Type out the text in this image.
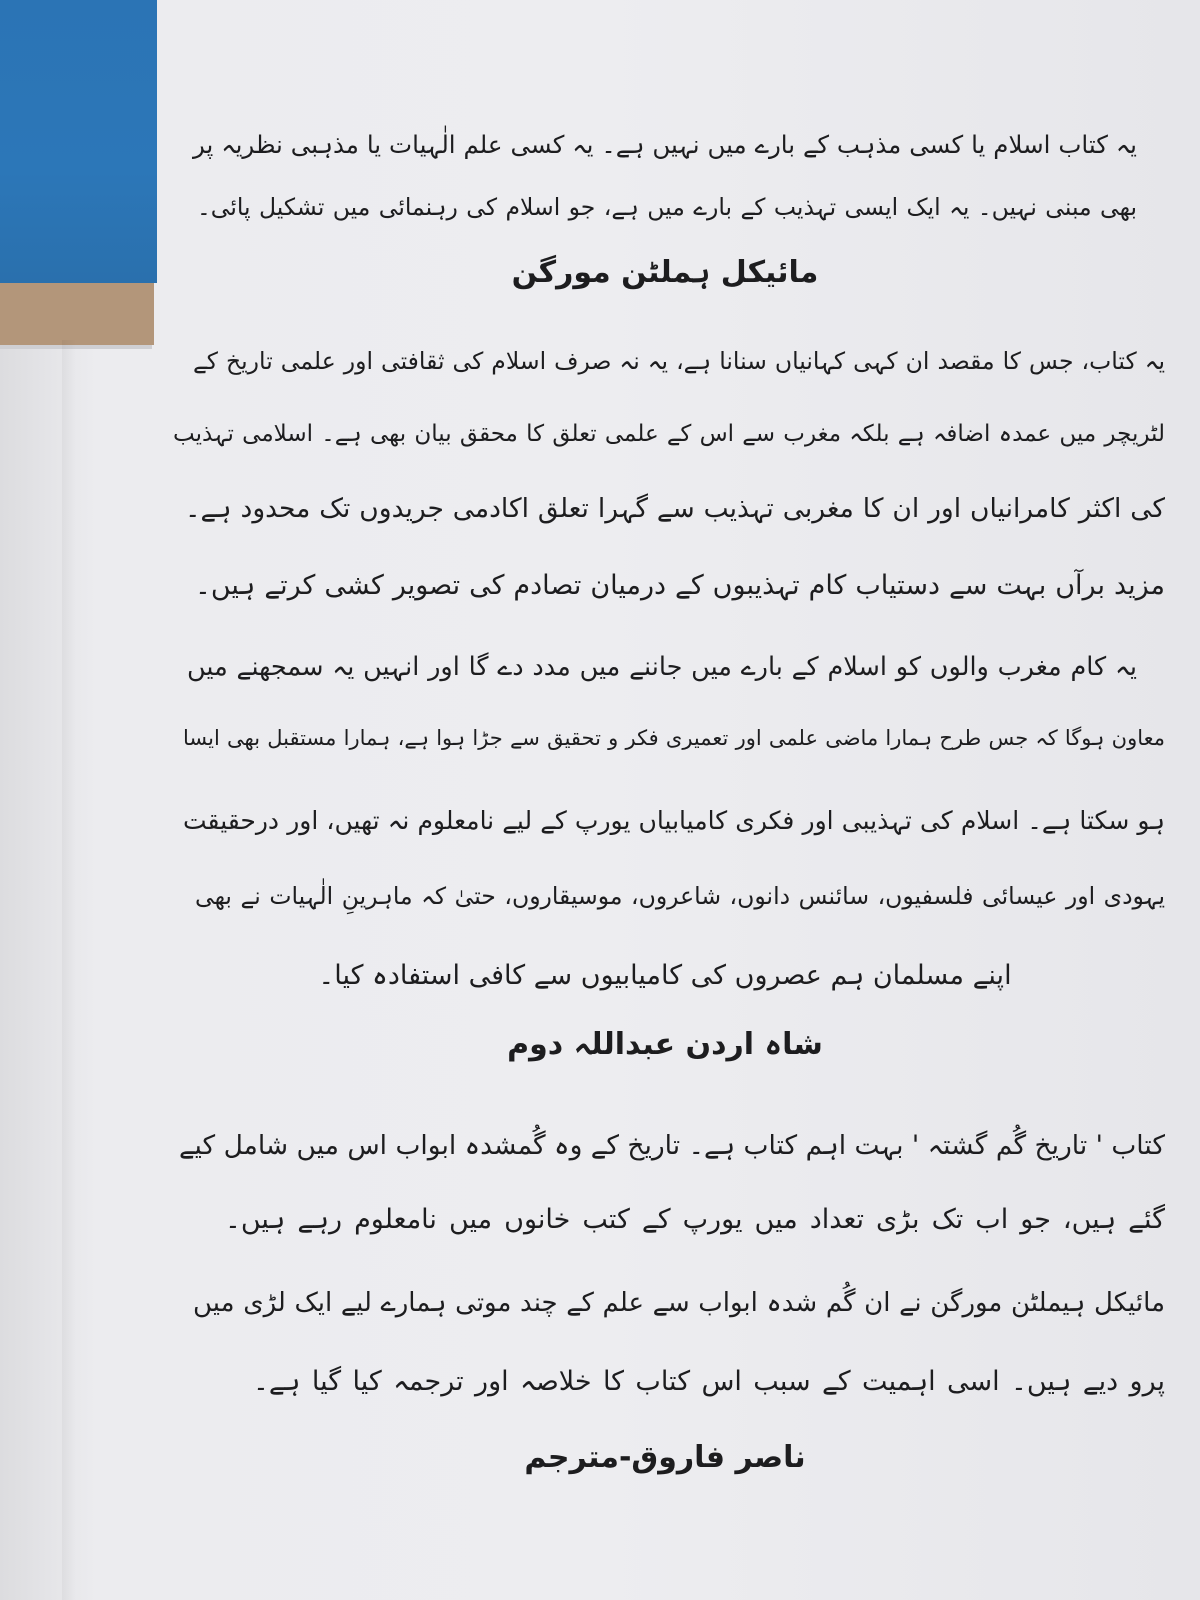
یہ کتاب اسلام یا کسی مذہب کے بارے میں نہیں ہے۔ یہ کسی علم الٰہیات یا مذہبی نظریہ پر
بھی مبنی نہیں۔ یہ ایک ایسی تہذیب کے بارے میں ہے، جو اسلام کی رہنمائی میں تشکیل پائی۔
مائیکل ہملٹن مورگن
یہ کتاب، جس کا مقصد ان کہی کہانیاں سنانا ہے، یہ نہ صرف اسلام کی ثقافتی اور علمی تاریخ کے
لٹریچر میں عمدہ اضافہ ہے بلکہ مغرب سے اس کے علمی تعلق کا محقق بیان بھی ہے۔ اسلامی تہذیب
کی اکثر کامرانیاں اور ان کا مغربی تہذیب سے گہرا تعلق اکادمی جریدوں تک محدود ہے۔
مزید برآں بہت سے دستیاب کام تہذیبوں کے درمیان تصادم کی تصویر کشی کرتے ہیں۔
یہ کام مغرب والوں کو اسلام کے بارے میں جاننے میں مدد دے گا اور انہیں یہ سمجھنے میں
معاون ہوگا کہ جس طرح ہمارا ماضی علمی اور تعمیری فکر و تحقیق سے جڑا ہوا ہے، ہمارا مستقبل بھی ایسا
ہو سکتا ہے۔ اسلام کی تہذیبی اور فکری کامیابیاں یورپ کے لیے نامعلوم نہ تھیں، اور درحقیقت
یہودی اور عیسائی فلسفیوں، سائنس دانوں، شاعروں، موسیقاروں، حتیٰ کہ ماہرینِ الٰہیات نے بھی
اپنے مسلمان ہم عصروں کی کامیابیوں سے کافی استفادہ کیا۔
شاہ اردن عبداللہ دوم
کتاب ' تاریخ گُم گشتہ ' بہت اہم کتاب ہے۔ تاریخ کے وہ گُمشدہ ابواب اس میں شامل کیے
گئے ہیں، جو اب تک بڑی تعداد میں یورپ کے کتب خانوں میں نامعلوم رہے ہیں۔
مائیکل ہیملٹن مورگن نے ان گُم شدہ ابواب سے علم کے چند موتی ہمارے لیے ایک لڑی میں
پرو دیے ہیں۔ اسی اہمیت کے سبب اس کتاب کا خلاصہ اور ترجمہ کیا گیا ہے۔
ناصر فاروق-مترجم
